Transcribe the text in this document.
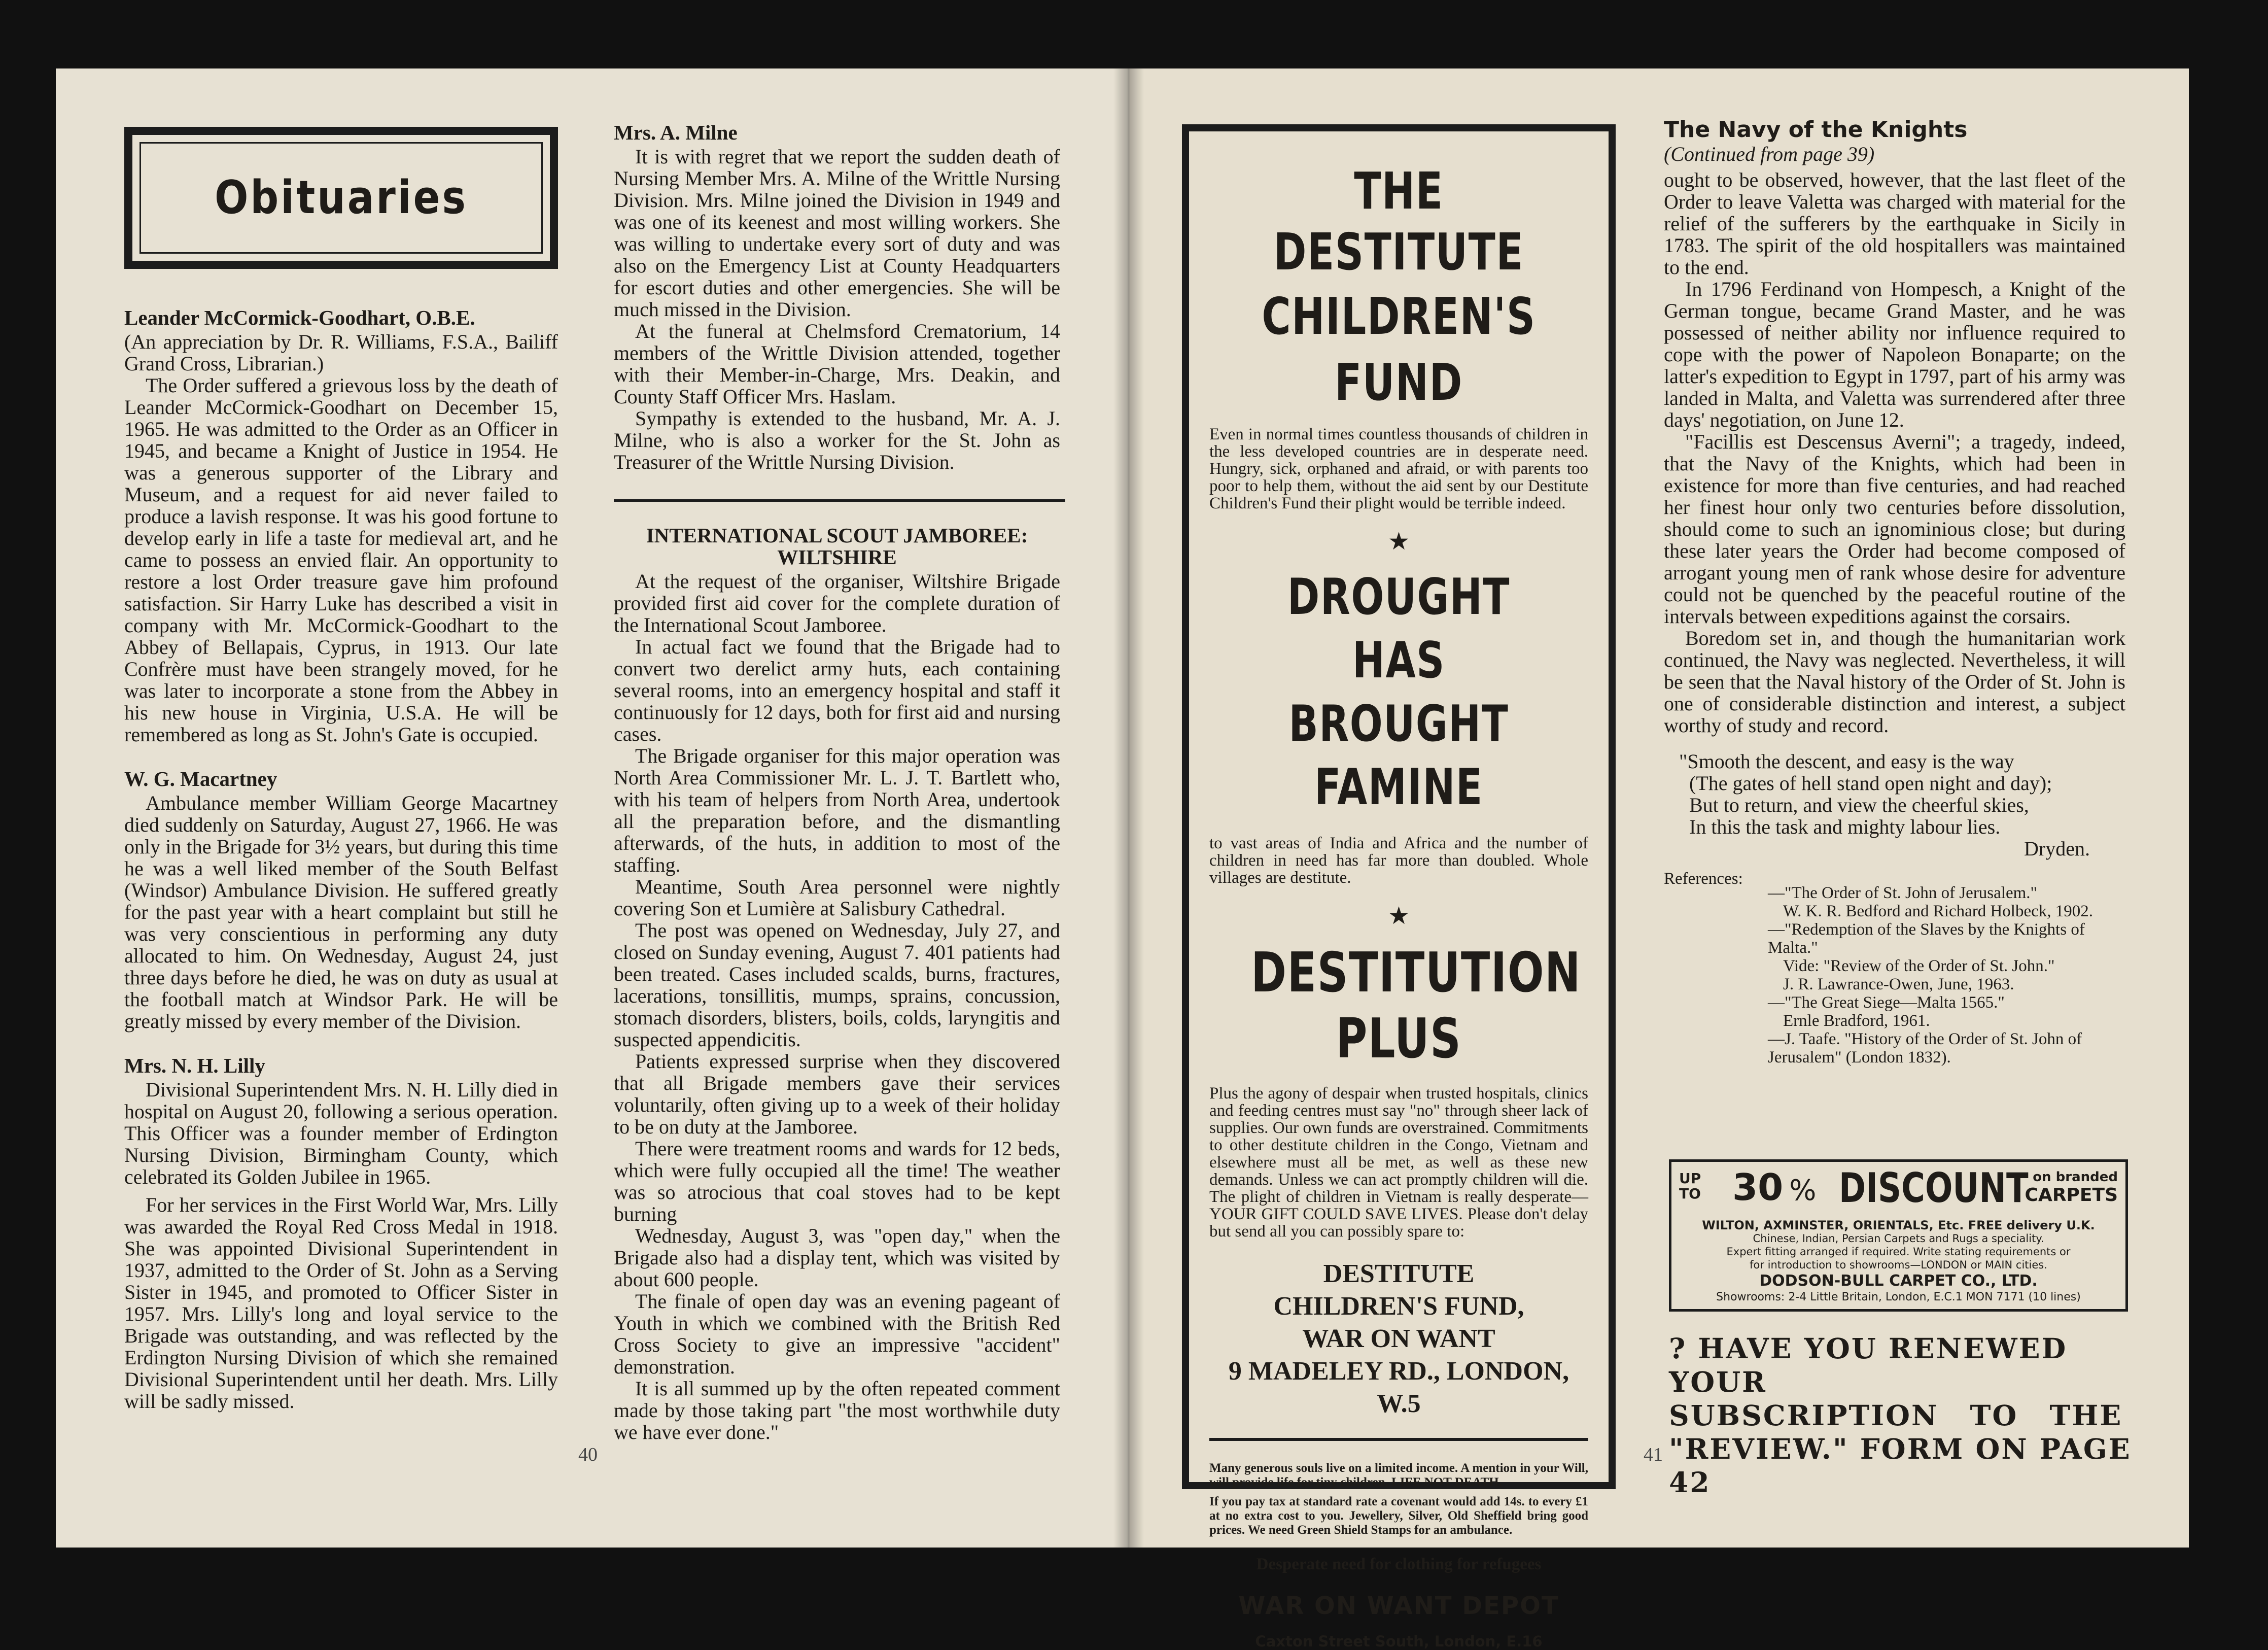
Obituaries

Leander McCormick-Goodhart, O.B.E.

(An appreciation by Dr. R. Williams, F.S.A., Bailiff Grand Cross, Librarian.)

The Order suffered a grievous loss by the death of Leander McCormick-Goodhart on December 15, 1965. He was admitted to the Order as an Officer in 1945, and became a Knight of Justice in 1954. He was a generous supporter of the Library and Museum, and a request for aid never failed to produce a lavish response. It was his good fortune to develop early in life a taste for medieval art, and he came to possess an envied flair. An opportunity to restore a lost Order treasure gave him profound satisfaction. Sir Harry Luke has described a visit in company with Mr. McCormick-Goodhart to the Abbey of Bellapais, Cyprus, in 1913. Our late Confrère must have been strangely moved, for he was later to incorporate a stone from the Abbey in his new house in Virginia, U.S.A. He will be remembered as long as St. John's Gate is occupied.

W. G. Macartney

Ambulance member William George Macartney died suddenly on Saturday, August 27, 1966. He was only in the Brigade for 3½ years, but during this time he was a well liked member of the South Belfast (Windsor) Ambulance Division. He suffered greatly for the past year with a heart complaint but still he was very conscientious in performing any duty allocated to him. On Wednesday, August 24, just three days before he died, he was on duty as usual at the football match at Windsor Park. He will be greatly missed by every member of the Division.

Mrs. N. H. Lilly

Divisional Superintendent Mrs. N. H. Lilly died in hospital on August 20, following a serious operation. This Officer was a founder member of Erdington Nursing Division, Birmingham County, which celebrated its Golden Jubilee in 1965.

For her services in the First World War, Mrs. Lilly was awarded the Royal Red Cross Medal in 1918. She was appointed Divisional Superintendent in 1937, admitted to the Order of St. John as a Serving Sister in 1945, and promoted to Officer Sister in 1957. Mrs. Lilly's long and loyal service to the Brigade was outstanding, and was reflected by the Erdington Nursing Division of which she remained Divisional Superintendent until her death. Mrs. Lilly will be sadly missed.

Mrs. A. Milne

It is with regret that we report the sudden death of Nursing Member Mrs. A. Milne of the Writtle Nursing Division. Mrs. Milne joined the Division in 1949 and was one of its keenest and most willing workers. She was willing to undertake every sort of duty and was also on the Emergency List at County Headquarters for escort duties and other emergencies. She will be much missed in the Division.

At the funeral at Chelmsford Crematorium, 14 members of the Writtle Division attended, together with their Member-in-Charge, Mrs. Deakin, and County Staff Officer Mrs. Haslam.

Sympathy is extended to the husband, Mr. A. J. Milne, who is also a worker for the St. John as Treasurer of the Writtle Nursing Division.

INTERNATIONAL SCOUT JAMBOREE: WILTSHIRE

At the request of the organiser, Wiltshire Brigade provided first aid cover for the complete duration of the International Scout Jamboree.

In actual fact we found that the Brigade had to convert two derelict army huts, each containing several rooms, into an emergency hospital and staff it continuously for 12 days, both for first aid and nursing cases.

The Brigade organiser for this major operation was North Area Commissioner Mr. L. J. T. Bartlett who, with his team of helpers from North Area, undertook all the preparation before, and the dismantling afterwards, of the huts, in addition to most of the staffing.

Meantime, South Area personnel were nightly covering Son et Lumière at Salisbury Cathedral.

The post was opened on Wednesday, July 27, and closed on Sunday evening, August 7. 401 patients had been treated. Cases included scalds, burns, fractures, lacerations, tonsillitis, mumps, sprains, concussion, stomach disorders, blisters, boils, colds, laryngitis and suspected appendicitis.

Patients expressed surprise when they discovered that all Brigade members gave their services voluntarily, often giving up to a week of their holiday to be on duty at the Jamboree.

There were treatment rooms and wards for 12 beds, which were fully occupied all the time! The weather was so atrocious that coal stoves had to be kept burning

Wednesday, August 3, was "open day," when the Brigade also had a display tent, which was visited by about 600 people.

The finale of open day was an evening pageant of Youth in which we combined with the British Red Cross Society to give an impressive "accident" demonstration.

It is all summed up by the often repeated comment made by those taking part "the most worthwhile duty we have ever done."

40
THE
DESTITUTE
CHILDREN'S FUND
Even in normal times countless thousands of children in the less developed countries are in desperate need. Hungry, sick, orphaned and afraid, or with parents too poor to help them, without the aid sent by our Destitute Children's Fund their plight would be terrible indeed.
★
DROUGHT HAS
BROUGHT FAMINE
to vast areas of India and Africa and the number of children in need has far more than doubled. Whole villages are destitute.
★
DESTITUTION PLUS
Plus the agony of despair when trusted hospitals, clinics and feeding centres must say "no" through sheer lack of supplies. Our own funds are overstrained. Commitments to other destitute children in the Congo, Vietnam and elsewhere must all be met, as well as these new demands. Unless we can act promptly children will die. The plight of children in Vietnam is really desperate— YOUR GIFT COULD SAVE LIVES. Please don't delay but send all you can possibly spare to:
DESTITUTE
CHILDREN'S FUND,
WAR ON WANT
9 MADELEY RD., LONDON, W.5
Many generous souls live on a limited income. A mention in your Will, will provide life for tiny children. LIFE NOT DEATH.
If you pay tax at standard rate a covenant would add 14s. to every £1 at no extra cost to you. Jewellery, Silver, Old Sheffield bring good prices. We need Green Shield Stamps for an ambulance.
Desperate need for clothing for refugees
WAR ON WANT DEPOT
Caxton Street South, London, E.16
The Navy of the Knights
(Continued from page 39)

ought to be observed, however, that the last fleet of the Order to leave Valetta was charged with material for the relief of the sufferers by the earthquake in Sicily in 1783. The spirit of the old hospitallers was maintained to the end.

In 1796 Ferdinand von Hompesch, a Knight of the German tongue, became Grand Master, and he was possessed of neither ability nor influence required to cope with the power of Napoleon Bonaparte; on the latter's expedition to Egypt in 1797, part of his army was landed in Malta, and Valetta was surrendered after three days' negotiation, on June 12.

"Facillis est Descensus Averni"; a tragedy, indeed, that the Navy of the Knights, which had been in existence for more than five centuries, and had reached her finest hour only two centuries before dissolution, should come to such an ignominious close; but during these later years the Order had become composed of arrogant young men of rank whose desire for adventure could not be quenched by the peaceful routine of the intervals between expeditions against the corsairs.

Boredom set in, and though the humanitarian work continued, the Navy was neglected. Nevertheless, it will be seen that the Naval history of the Order of St. John is one of considerable distinction and interest, a subject worthy of study and record.

"Smooth the descent, and easy is the way
(The gates of hell stand open night and day);
But to return, and view the cheerful skies,
In this the task and mighty labour lies.
Dryden.
References:
—"The Order of St. John of Jerusalem."
W. K. R. Bedford and Richard Holbeck, 1902.
—"Redemption of the Slaves by the Knights of Malta."
Vide: "Review of the Order of St. John."
J. R. Lawrance-Owen, June, 1963.
—"The Great Siege—Malta 1565."
Ernle Bradford, 1961.
—J. Taafe. "History of the Order of St. John of Jerusalem" (London 1832).
UP
TO 30 % DISCOUNT on branded
CARPETS
WILTON, AXMINSTER, ORIENTALS, Etc. FREE delivery U.K.
Chinese, Indian, Persian Carpets and Rugs a speciality.
Expert fitting arranged if required. Write stating requirements or
for introduction to showrooms—LONDON or MAIN cities.
DODSON-BULL CARPET CO., LTD.
Showrooms: 2-4 Little Britain, London, E.C.1 MON 7171 (10 lines)
? HAVE YOU RENEWED YOUR
SUBSCRIPTION TO THE
"REVIEW." FORM ON PAGE 42
41
